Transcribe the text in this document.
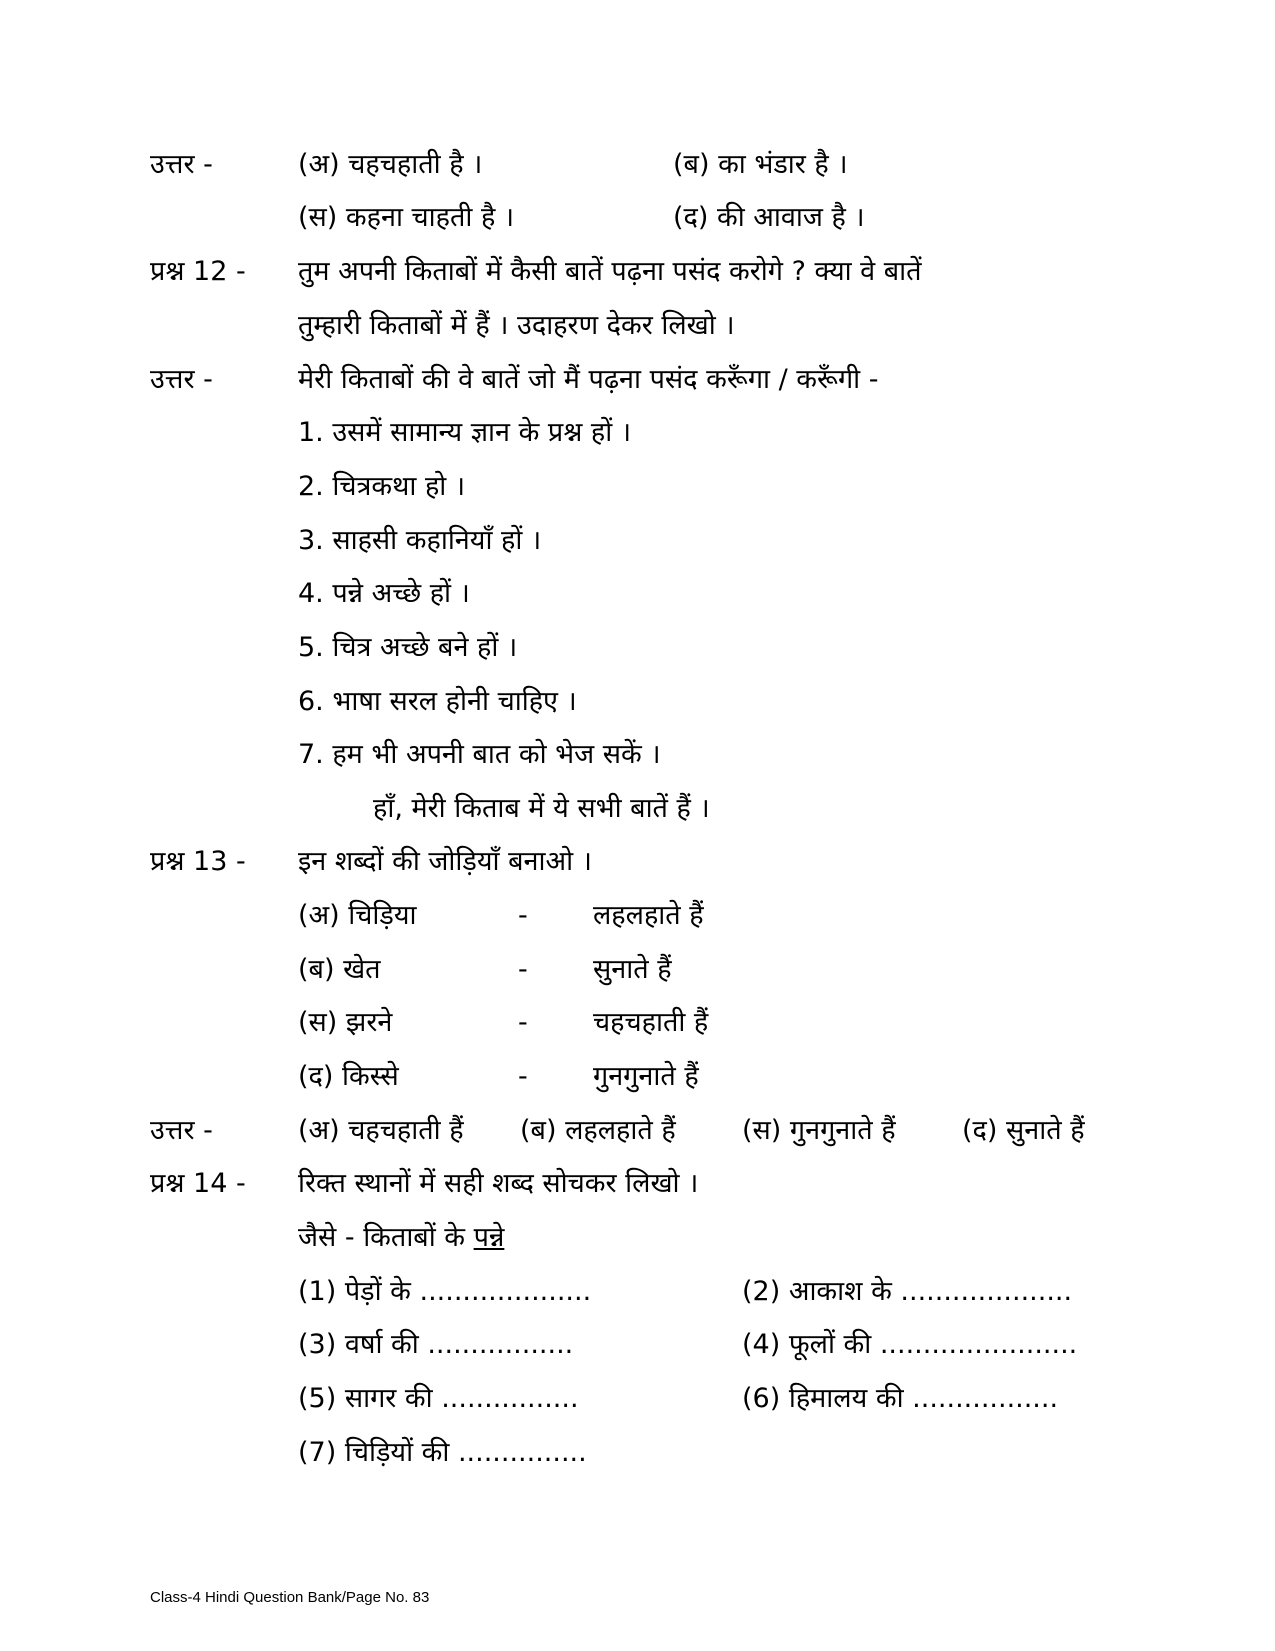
उत्तर -	(अ) चहचहाती है ।	(ब) का भंडार है ।
(स) कहना चाहती है ।	(द) की आवाज है ।
प्रश्न 12 - तुम अपनी किताबों में कैसी बातें पढ़ना पसंद करोगे ? क्या वे बातें
तुम्हारी किताबों में हैं । उदाहरण देकर लिखो ।
उत्तर -	मेरी किताबों की वे बातें जो मैं पढ़ना पसंद करूँगा / करूँगी -
1. उसमें सामान्य ज्ञान के प्रश्न हों ।
2. चित्रकथा हो ।
3. साहसी कहानियाँ हों ।
4. पन्ने अच्छे हों ।
5. चित्र अच्छे बने हों ।
6. भाषा सरल होनी चाहिए ।
7. हम भी अपनी बात को भेज सकें ।
हाँ, मेरी किताब में ये सभी बातें हैं ।
प्रश्न 13 - इन शब्दों की जोड़ियाँ बनाओ ।
(अ) चिड़िया	- लहलहाते हैं
(ब) खेत	- सुनाते हैं
(स) झरने	- चहचहाती हैं
(द) किस्से	- गुनगुनाते हैं
उत्तर -	(अ) चहचहाती हैं (ब) लहलहाते हैं (स) गुनगुनाते हैं (द) सुनाते हैं
प्रश्न 14 - रिक्त स्थानों में सही शब्द सोचकर लिखो ।
जैसे - किताबों के पन्ने
(1) पेड़ों के ....................	(2) आकाश के ....................
(3) वर्षा की .................	(4) फूलों की .......................
(5) सागर की ................	(6) हिमालय की .................
(7) चिड़ियों की ...............
Class-4 Hindi Question Bank/Page No. 83
